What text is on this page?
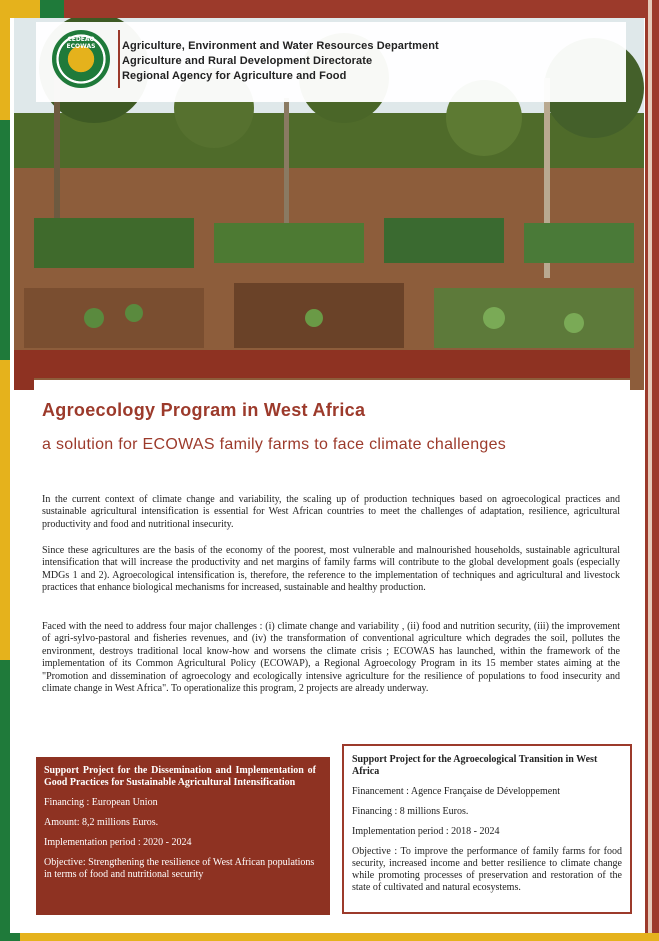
CEDEAO ECOWAS	Agriculture, Environment and Water Resources Department
Agriculture and Rural Development Directorate
Regional Agency for Agriculture and Food
Agroecology Program in West Africa
a solution for ECOWAS family farms to face climate challenges
In the current context of climate change and variability, the scaling up of production techniques based on agroecological practices and sustainable agricultural intensification is essential for West African countries to meet the challenges of adaptation, resilience, agricultural productivity and food and nutritional insecurity.
Since these agricultures are the basis of the economy of the poorest, most vulnerable and malnourished households, sustainable agricultural intensification that will increase the productivity and net margins of family farms will contribute to the global development goals (especially MDGs 1 and 2). Agroecological intensification is, therefore, the reference to the implementation of techniques and agricultural and livestock practices that enhance biological mechanisms for increased, sustainable and healthy production.
Faced with the need to address four major challenges : (i) climate change and variability , (ii) food and nutrition security, (iii) the improvement of agri-sylvo-pastoral and fisheries revenues, and (iv) the transformation of conventional agriculture which degrades the soil, pollutes the environment, destroys traditional local know-how and worsens the climate crisis ; ECOWAS has launched, within the framework of the implementation of its Common Agricultural Policy (ECOWAP), a Regional Agroecology Program in its 15 member states aiming at the "Promotion and dissemination of agroecology and ecologically intensive agriculture for the resilience of populations to food insecurity and climate change in West Africa". To operationalize this program, 2 projects are already underway.
Support Project for the Dissemination and Implementation of Good Practices for Sustainable Agricultural Intensification
Financing : European Union
Amount: 8,2 millions Euros.
Implementation period : 2020 - 2024
Objective: Strengthening the resilience of West African populations in terms of food and nutritional security
Support Project for the Agroecological Transition in West Africa
Financement : Agence Française de Développement
Financing : 8 millions Euros.
Implementation period : 2018 - 2024
Objective : To improve the performance of family farms for food security, increased income and better resilience to climate change while promoting processes of preservation and restoration of the state of cultivated and natural ecosystems.
